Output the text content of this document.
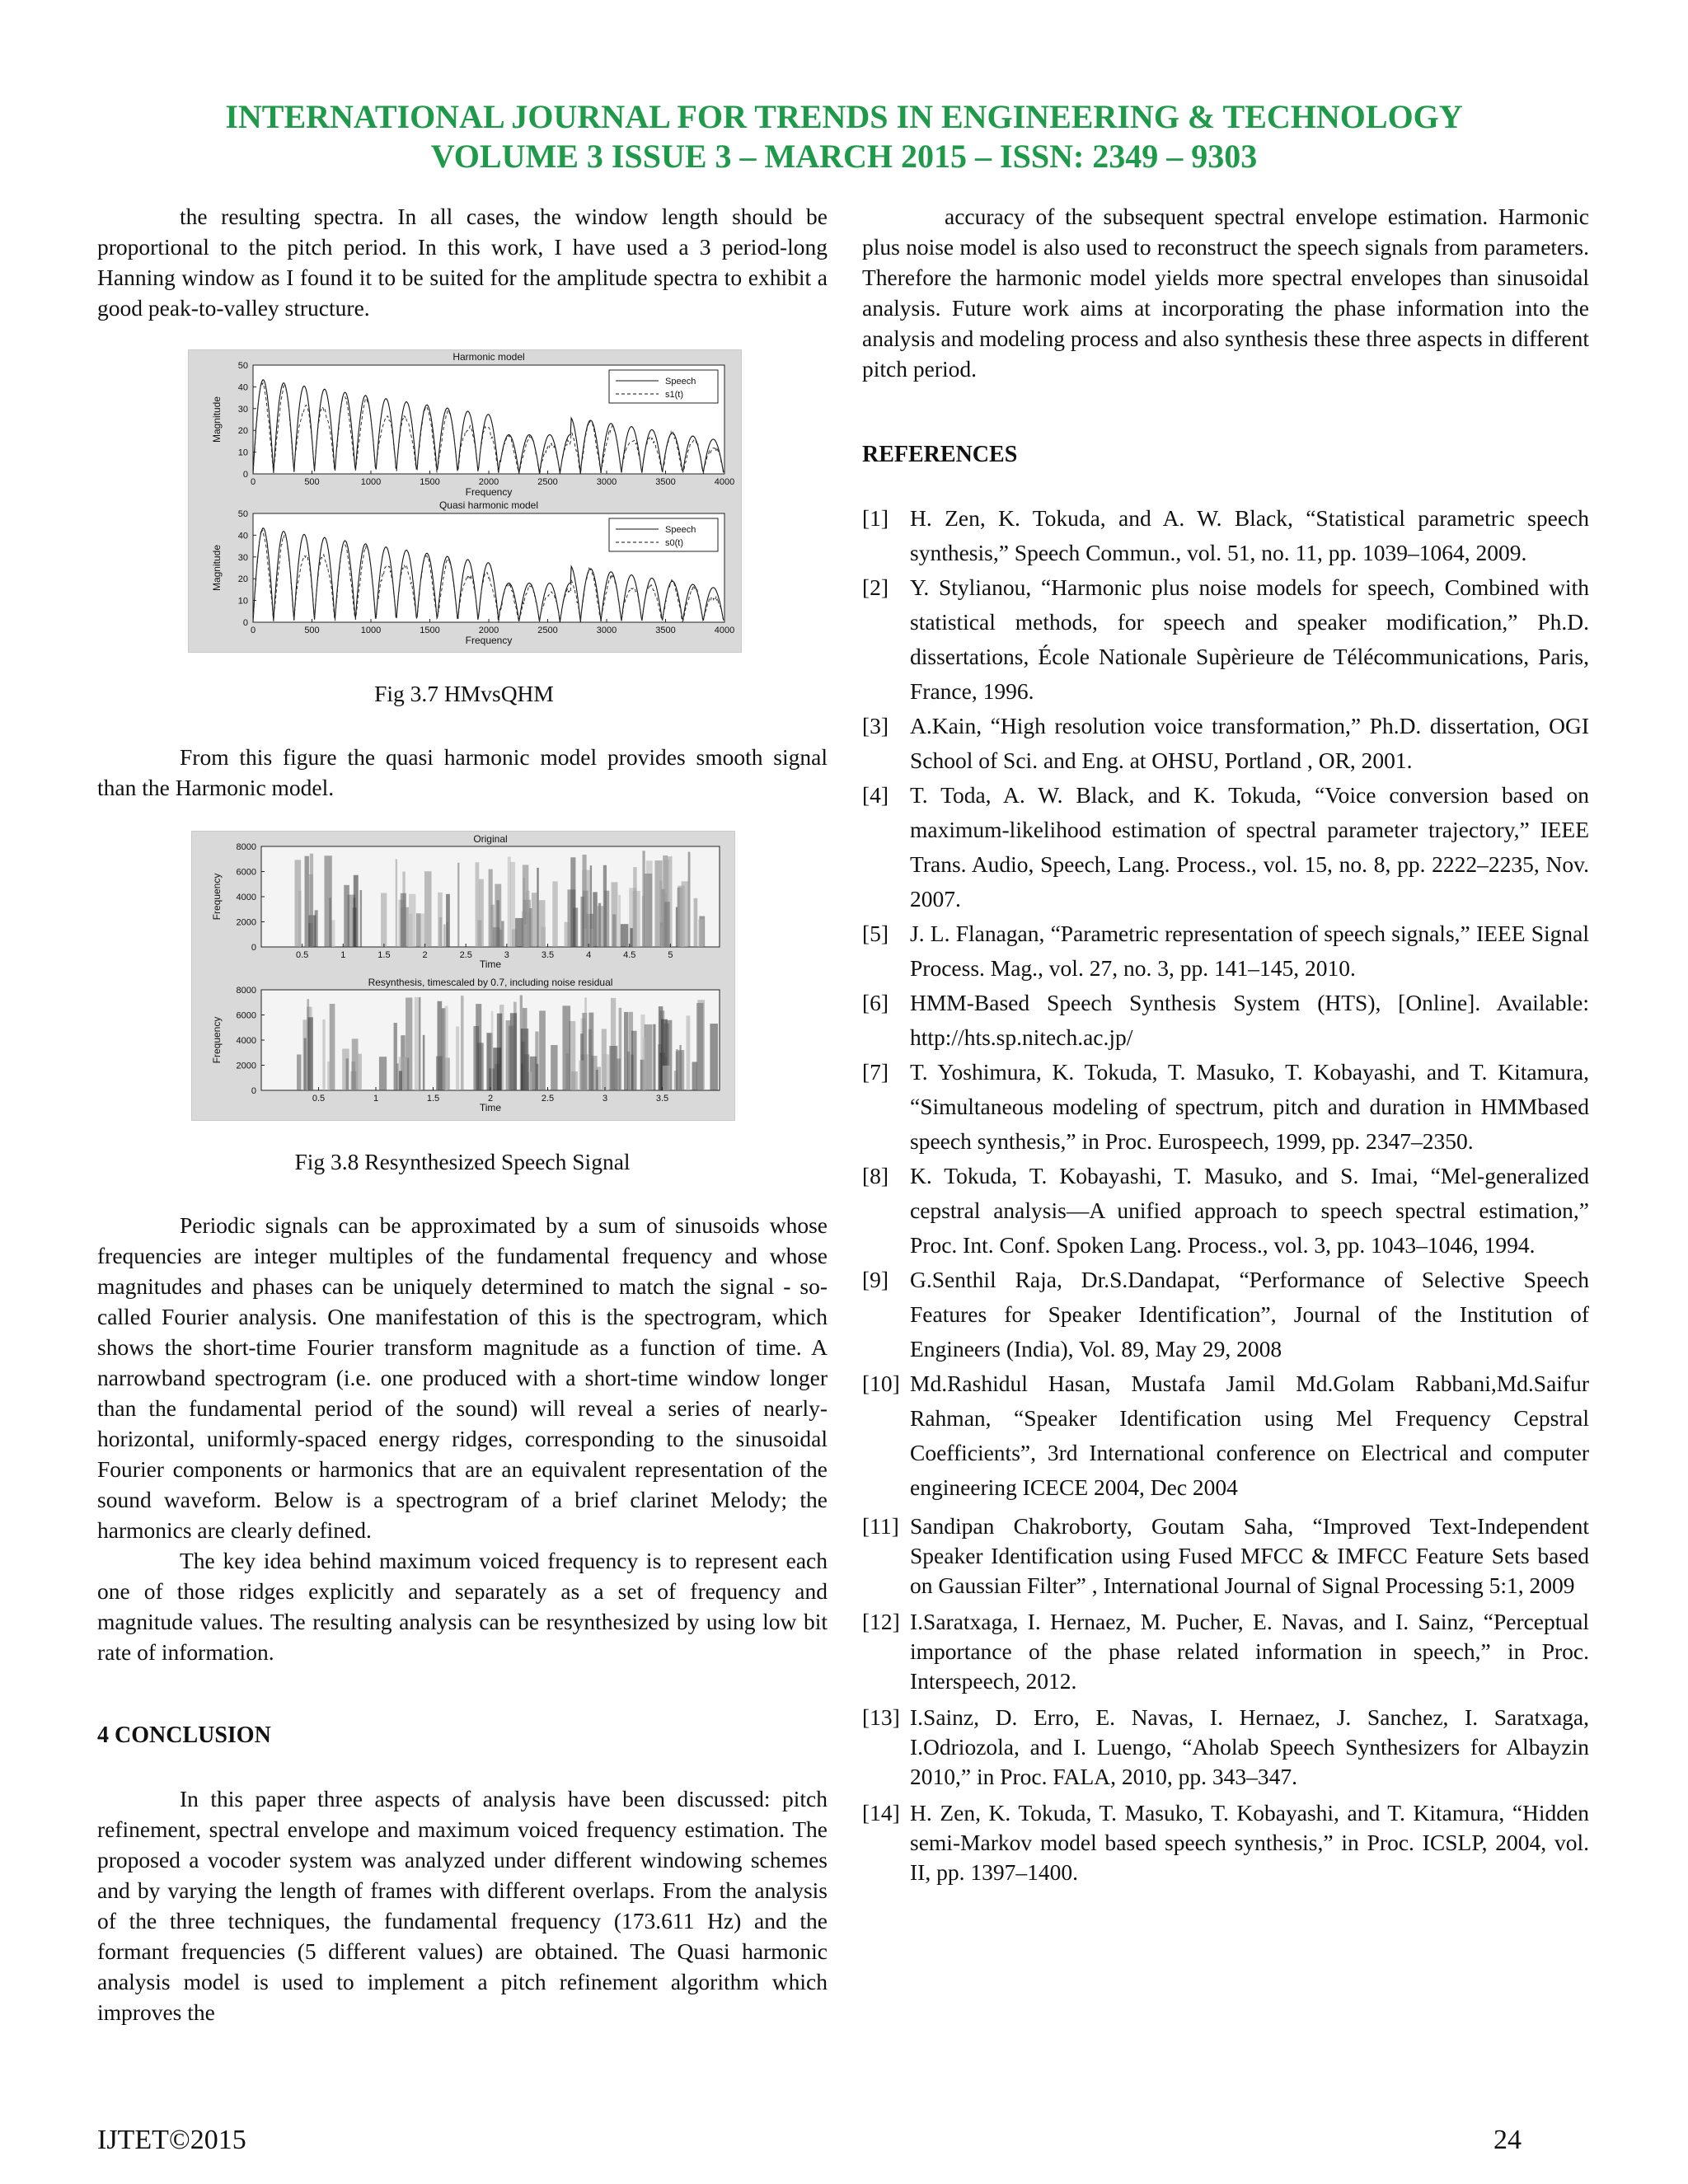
INTERNATIONAL JOURNAL FOR TRENDS IN ENGINEERING & TECHNOLOGY
VOLUME 3 ISSUE 3 – MARCH 2015 – ISSN: 2349 – 9303

the resulting spectra. In all cases, the window length should be proportional to the pitch period. In this work, I have used a 3 period-long Hanning window as I found it to be suited for the amplitude spectra to exhibit a good peak-to-valley structure.

Harmonic model
0	500	1000	1500	2000	2500	3000	3500	4000
0
10
20
30
40
50
Frequency
Magnitude
Speech
s1(t)
Quasi harmonic model
0	500	1000	1500	2000	2500	3000	3500	4000
0
10
20
30
40
50
Frequency
Magnitude
Speech
s0(t)
Fig 3.7 HMvsQHM

From this figure the quasi harmonic model provides smooth signal than the Harmonic model.

Original
0.5	1	1.5	2	2.5	3	3.5	4	4.5	5
0
2000
4000
6000
8000
Time
Frequency
Resynthesis, timescaled by 0.7, including noise residual
0.5	1	1.5	2	2.5	3	3.5
0
2000
4000
6000
8000
Time
Frequency
Fig 3.8 Resynthesized Speech Signal

Periodic signals can be approximated by a sum of sinusoids whose frequencies are integer multiples of the fundamental frequency and whose magnitudes and phases can be uniquely determined to match the signal - so-called Fourier analysis. One manifestation of this is the spectrogram, which shows the short-time Fourier transform magnitude as a function of time. A narrowband spectrogram (i.e. one produced with a short-time window longer than the fundamental period of the sound) will reveal a series of nearly-horizontal, uniformly-spaced energy ridges, corresponding to the sinusoidal Fourier components or harmonics that are an equivalent representation of the sound waveform. Below is a spectrogram of a brief clarinet Melody; the harmonics are clearly defined.

The key idea behind maximum voiced frequency is to represent each one of those ridges explicitly and separately as a set of frequency and magnitude values. The resulting analysis can be resynthesized by using low bit rate of information.

4 CONCLUSION

In this paper three aspects of analysis have been discussed: pitch refinement, spectral envelope and maximum voiced frequency estimation. The proposed a vocoder system was analyzed under different windowing schemes and by varying the length of frames with different overlaps. From the analysis of the three techniques, the fundamental frequency (173.611 Hz) and the formant frequencies (5 different values) are obtained. The Quasi harmonic analysis model is used to implement a pitch refinement algorithm which improves the

accuracy of the subsequent spectral envelope estimation. Harmonic plus noise model is also used to reconstruct the speech signals from parameters. Therefore the harmonic model yields more spectral envelopes than sinusoidal analysis. Future work aims at incorporating the phase information into the analysis and modeling process and also synthesis these three aspects in different pitch period.

REFERENCES
[1] H. Zen, K. Tokuda, and A. W. Black, “Statistical parametric speech synthesis,” Speech Commun., vol. 51, no. 11, pp. 1039–1064, 2009.
[2] Y. Stylianou, “Harmonic plus noise models for speech, Combined with statistical methods, for speech and speaker modification,” Ph.D. dissertations, École Nationale Supèrieure de Télécommunications, Paris, France, 1996.
[3] A.Kain, “High resolution voice transformation,” Ph.D. dissertation, OGI School of Sci. and Eng. at OHSU, Portland , OR, 2001.
[4] T. Toda, A. W. Black, and K. Tokuda, “Voice conversion based on maximum-likelihood estimation of spectral parameter trajectory,” IEEE Trans. Audio, Speech, Lang. Process., vol. 15, no. 8, pp. 2222–2235, Nov. 2007.
[5] J. L. Flanagan, “Parametric representation of speech signals,” IEEE Signal Process. Mag., vol. 27, no. 3, pp. 141–145, 2010.
[6] HMM-Based Speech Synthesis System (HTS), [Online]. Available: http://hts.sp.nitech.ac.jp/
[7] T. Yoshimura, K. Tokuda, T. Masuko, T. Kobayashi, and T. Kitamura, “Simultaneous modeling of spectrum, pitch and duration in HMMbased speech synthesis,” in Proc. Eurospeech, 1999, pp. 2347–2350.
[8] K. Tokuda, T. Kobayashi, T. Masuko, and S. Imai, “Mel-generalized cepstral analysis—A unified approach to speech spectral estimation,” Proc. Int. Conf. Spoken Lang. Process., vol. 3, pp. 1043–1046, 1994.
[9] G.Senthil Raja, Dr.S.Dandapat, “Performance of Selective Speech Features for Speaker Identification”, Journal of the Institution of Engineers (India), Vol. 89, May 29, 2008
[10] Md.Rashidul Hasan, Mustafa Jamil Md.Golam Rabbani,Md.Saifur Rahman, “Speaker Identification using Mel Frequency Cepstral Coefficients”, 3rd International conference on Electrical and computer engineering ICECE 2004, Dec 2004
[11] Sandipan Chakroborty, Goutam Saha, “Improved Text-Independent Speaker Identification using Fused MFCC & IMFCC Feature Sets based on Gaussian Filter” , International Journal of Signal Processing 5:1, 2009
[12] I.Saratxaga, I. Hernaez, M. Pucher, E. Navas, and I. Sainz, “Perceptual importance of the phase related information in speech,” in Proc. Interspeech, 2012.
[13] I.Sainz, D. Erro, E. Navas, I. Hernaez, J. Sanchez, I. Saratxaga, I.Odriozola, and I. Luengo, “Aholab Speech Synthesizers for Albayzin 2010,” in Proc. FALA, 2010, pp. 343–347.
[14] H. Zen, K. Tokuda, T. Masuko, T. Kobayashi, and T. Kitamura, “Hidden semi-Markov model based speech synthesis,” in Proc. ICSLP, 2004, vol. II, pp. 1397–1400.
IJTET©2015	24
